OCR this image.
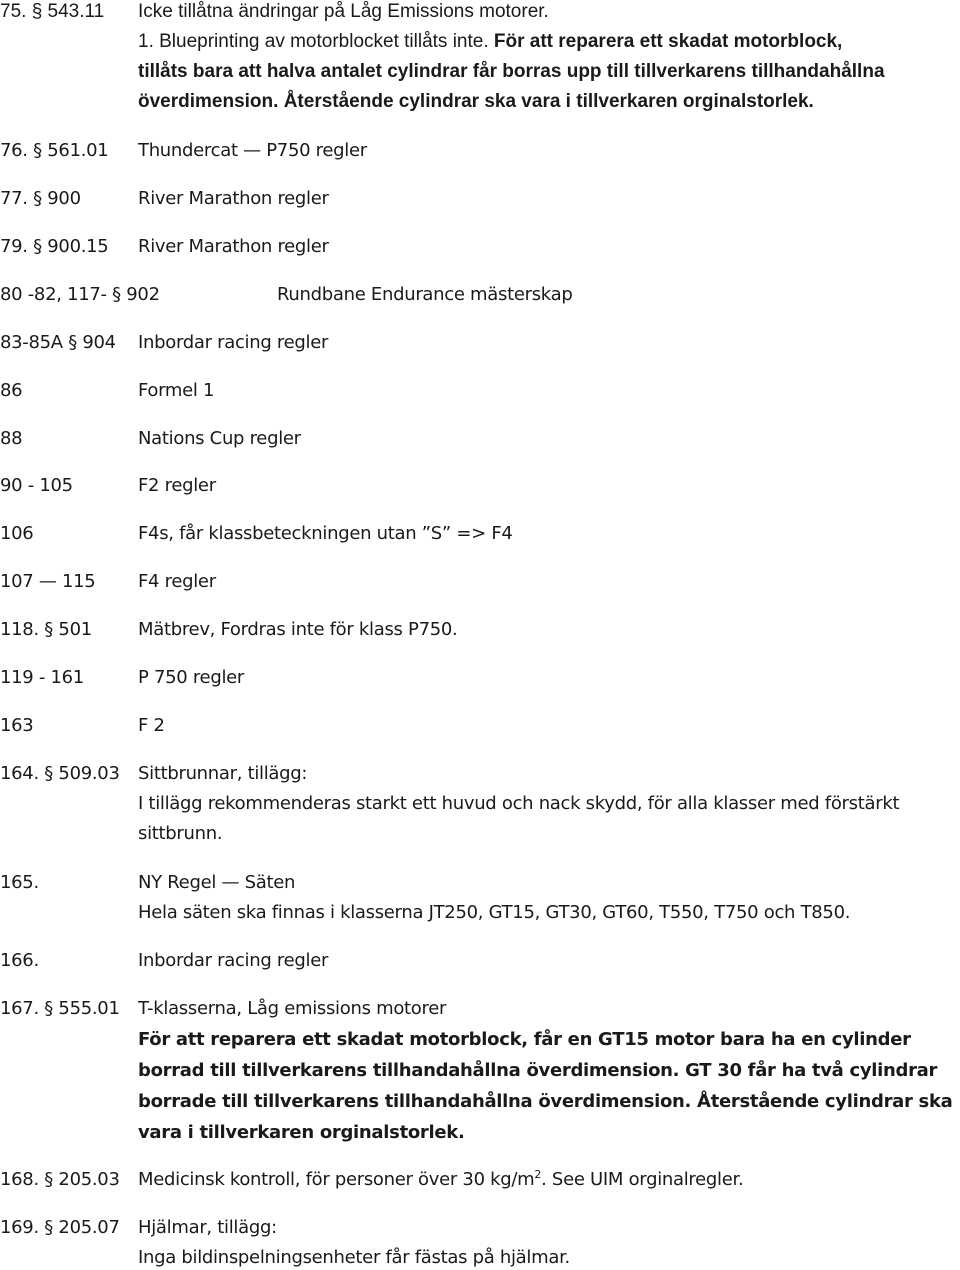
75. § 543.11 Icke tillåtna ändringar på Låg Emissions motorer.
1. Blueprinting av motorblocket tillåts inte. För att reparera ett skadat motorblock,
tillåts bara att halva antalet cylindrar får borras upp till tillverkarens tillhandahållna
överdimension. Återstående cylindrar ska vara i tillverkaren orginalstorlek.
76. § 561.01 Thundercat — P750 regler
77. § 900	River Marathon regler
79. § 900.15 River Marathon regler
80 -82, 117- § 902	Rundbane Endurance mästerskap
83-85A § 904 Inbordar racing regler
86	Formel 1
88	Nations Cup regler
90 - 105	F2 regler
106	F4s, får klassbeteckningen utan ”S” => F4
107 — 115 F4 regler
118. § 501	Mätbrev, Fordras inte för klass P750.
119 - 161	P 750 regler
163	F 2
164. § 509.03 Sittbrunnar, tillägg:
I tillägg rekommenderas starkt ett huvud och nack skydd, för alla klasser med förstärkt
sittbrunn.
165.	NY Regel — Säten
Hela säten ska finnas i klasserna JT250, GT15, GT30, GT60, T550, T750 och T850.
166.	Inbordar racing regler
167. § 555.01 T-klasserna, Låg emissions motorer
För att reparera ett skadat motorblock, får en GT15 motor bara ha en cylinder
borrad till tillverkarens tillhandahållna överdimension. GT 30 får ha två cylindrar
borrade till tillverkarens tillhandahållna överdimension. Återstående cylindrar ska
vara i tillverkaren orginalstorlek.
168. § 205.03 Medicinsk kontroll, för personer över 30 $kg/m^2$. See UIM orginalregler.
169. § 205.07 Hjälmar, tillägg:
Inga bildinspelningsenheter får fästas på hjälmar.
